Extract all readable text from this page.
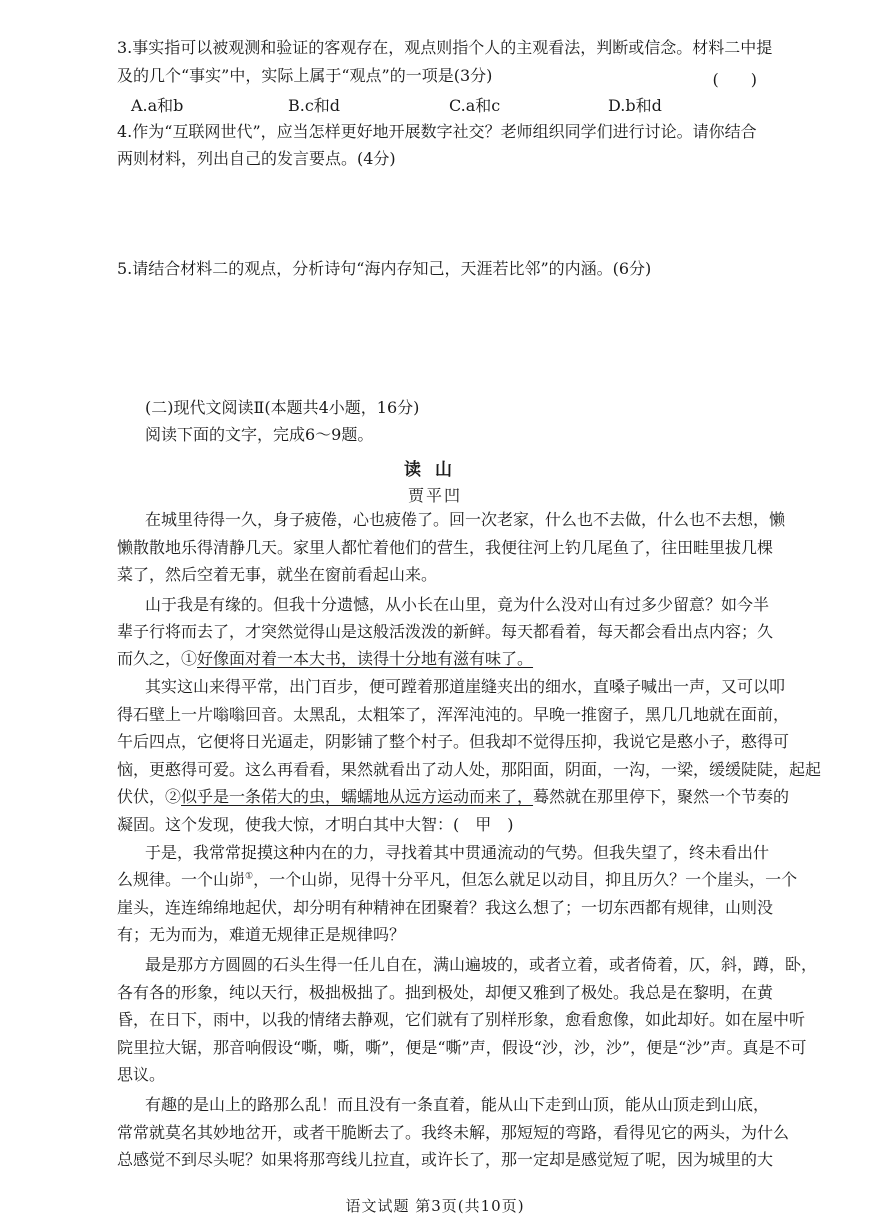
3.事实指可以被观测和验证的客观存在，观点则指个人的主观看法，判断或信念。材料二中提
及的几个“事实”中，实际上属于“观点”的一项是(3分)	(　　)
A.a和b	B.c和d	C.a和c	D.b和d
4.作为“互联网世代”，应当怎样更好地开展数字社交？老师组织同学们进行讨论。请你结合
两则材料，列出自己的发言要点。(4分)
5.请结合材料二的观点，分析诗句“海内存知己，天涯若比邻”的内涵。(6分)
(二)现代文阅读Ⅱ(本题共4小题，16分)
阅读下面的文字，完成6～9题。
读山
贾平凹
在城里待得一久，身子疲倦，心也疲倦了。回一次老家，什么也不去做，什么也不去想，懒
懒散散地乐得清静几天。家里人都忙着他们的营生，我便往河上钓几尾鱼了，往田畦里拔几棵
菜了，然后空着无事，就坐在窗前看起山来。
山于我是有缘的。但我十分遗憾，从小长在山里，竟为什么没对山有过多少留意？如今半
辈子行将而去了，才突然觉得山是这般活泼泼的新鲜。每天都看着，每天都会看出点内容；久
而久之，①好像面对着一本大书，读得十分地有滋有味了。
其实这山来得平常，出门百步，便可蹚着那道崖缝夹出的细水，直嗓子喊出一声，又可以叩
得石壁上一片嗡嗡回音。太黑乱，太粗笨了，浑浑沌沌的。早晚一推窗子，黑几几地就在面前，
午后四点，它便将日光逼走，阴影铺了整个村子。但我却不觉得压抑，我说它是憨小子，憨得可
恼，更憨得可爱。这么再看看，果然就看出了动人处，那阳面，阴面，一沟，一梁，缓缓陡陡，起起
伏伏，②似乎是一条偌大的虫，蠕蠕地从远方运动而来了，蓦然就在那里停下，聚然一个节奏的
凝固。这个发现，使我大惊，才明白其中大智：(　甲　)
于是，我常常捉摸这种内在的力，寻找着其中贯通流动的气势。但我失望了，终未看出什
么规律。一个山峁①，一个山峁，见得十分平凡，但怎么就足以动目，抑且历久？一个崖头，一个
崖头，连连绵绵地起伏，却分明有种精神在团聚着？我这么想了；一切东西都有规律，山则没
有；无为而为，难道无规律正是规律吗？
最是那方方圆圆的石头生得一任儿自在，满山遍坡的，或者立着，或者倚着，仄，斜，蹲，卧，
各有各的形象，纯以天行，极拙极拙了。拙到极处，却便又雅到了极处。我总是在黎明，在黄
昏，在日下，雨中，以我的情绪去静观，它们就有了别样形象，愈看愈像，如此却好。如在屋中听
院里拉大锯，那音响假设“嘶，嘶，嘶”，便是“嘶”声，假设“沙，沙，沙”，便是“沙”声。真是不可
思议。
有趣的是山上的路那么乱！而且没有一条直着，能从山下走到山顶，能从山顶走到山底，
常常就莫名其妙地岔开，或者干脆断去了。我终未解，那短短的弯路，看得见它的两头，为什么
总感觉不到尽头呢？如果将那弯线儿拉直，或许长了，那一定却是感觉短了呢，因为城里的大
语文试题 第3页(共10页)
